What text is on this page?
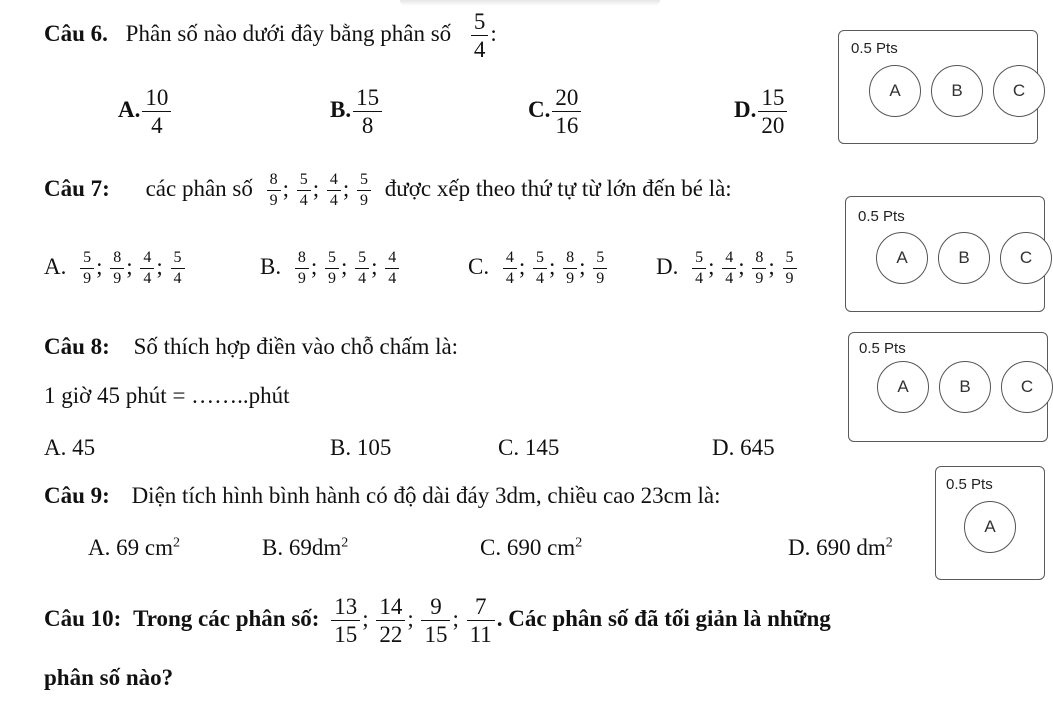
Câu 6. Phân số nào dưới đây bằng phân số $\frac{5}{4}$ :
A. $\frac{10}{4}$	B. $\frac{15}{8}$	C. $\frac{20}{16}$	D. $\frac{15}{20}$
Câu 7: các phân số $\frac{8}{9}$ ; $\frac{5}{4}$ ; $\frac{4}{4}$ ; $\frac{5}{9}$ được xếp theo thứ tự từ lớn đến bé là:
A. $\frac{5}{9}$ ; $\frac{8}{9}$ ; $\frac{4}{4}$ ; $\frac{5}{4}$	B. $\frac{8}{9}$ ; $\frac{5}{9}$ ; $\frac{5}{4}$ ; $\frac{4}{4}$	C. $\frac{4}{4}$ ; $\frac{5}{4}$ ; $\frac{8}{9}$ ; $\frac{5}{9} D$. $\frac{5}{4}$ ; $\frac{4}{4}$ ; $\frac{8}{9}$ ; $\frac{5}{9}$
Câu 8: Số thích hợp điền vào chỗ chấm là:
1 giờ 45 phút = ……..phút
A. 45	B. 105	C. 145	D. 645
Câu 9: Diện tích hình bình hành có độ dài đáy 3dm, chiều cao 23cm là:
A. 69 $cm^2$	B. $69dm^2$	C. 690 $cm^2$	D. 690 $dm^2$
Câu 10: Trong các phân số: $\frac{13}{15}$ ; $\frac{14}{22}$ ; $\frac{9}{15}$ ; $\frac{7}{11}$ . Các phân số đã tối giản là những
phân số nào?
0.5 Pts
A	B	C
0.5 Pts
A	B	C
0.5 Pts
A	B	C
0.5 Pts
A
